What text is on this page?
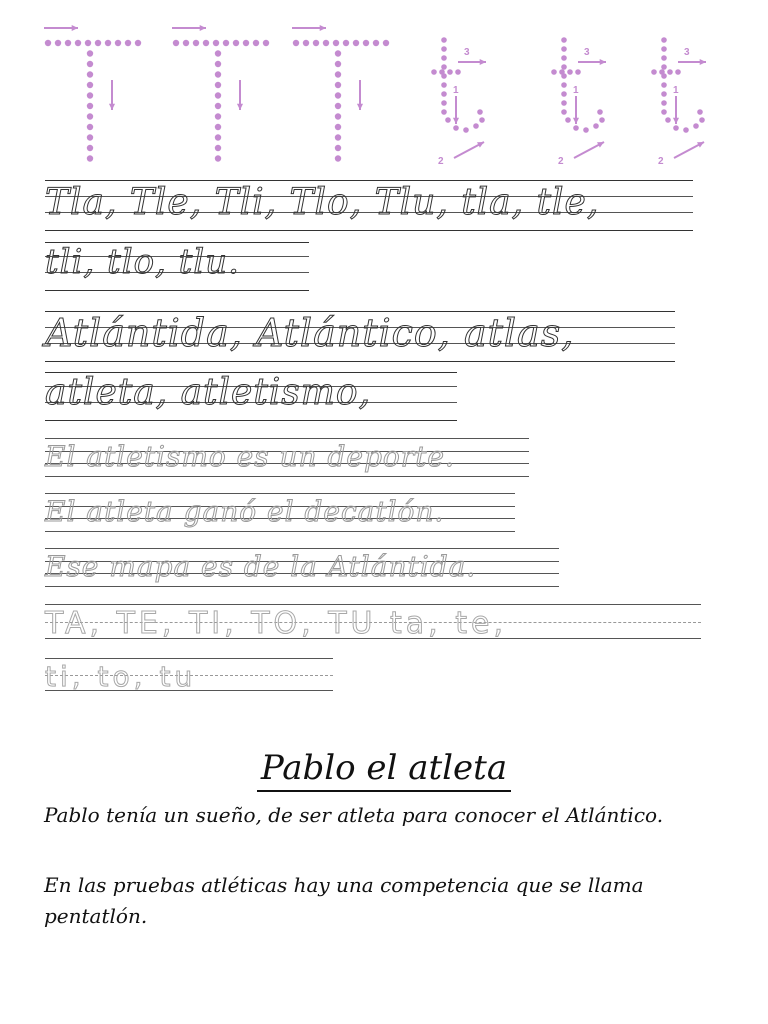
3
1
2
3
1
2
3
1
2
Tla, Tle, Tli, Tlo, Tlu, tla, tle,
tli, tlo, tlu.
Atlántida, Atlántico, atlas,
atleta, atletismo,
El atletismo es un deporte.
El atleta ganó el decatlón.
Ese mapa es de la Atlántida.
TA, TE, TI, TO, TU ta, te,
ti, to, tu
Pablo el atleta
Pablo tenía un sueño, de ser atleta para conocer el Atlántico.
En las pruebas atléticas hay una competencia que se llama pentatlón.
